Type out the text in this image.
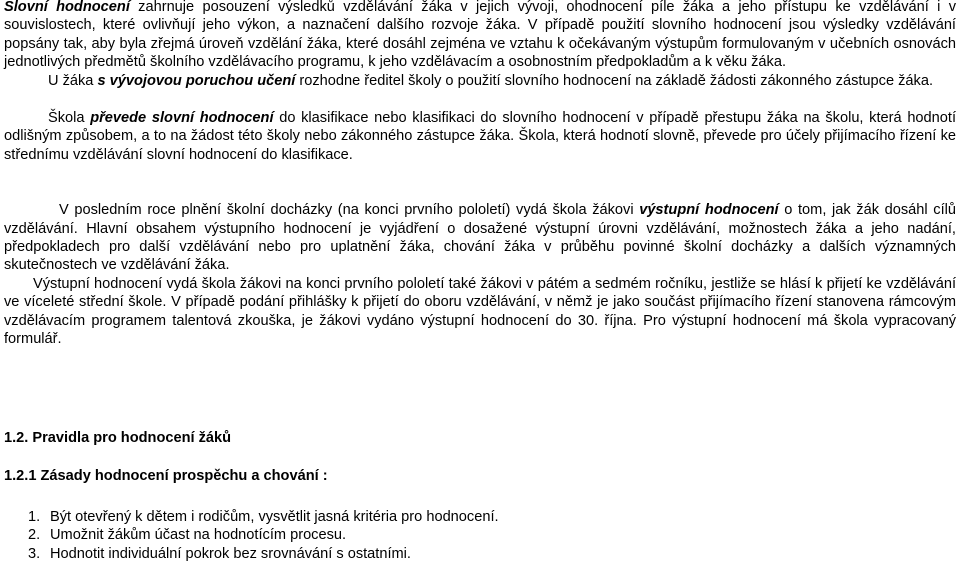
Slovní hodnocení zahrnuje posouzení výsledků vzdělávání žáka v jejich vývoji, ohodnocení píle žáka a jeho přístupu ke vzdělávání i v souvislostech, které ovlivňují jeho výkon, a naznačení dalšího rozvoje žáka. V případě použití slovního hodnocení jsou výsledky vzdělávání popsány tak, aby byla zřejmá úroveň vzdělání žáka, které dosáhl zejména ve vztahu k očekávaným výstupům formulovaným v učebních osnovách jednotlivých předmětů školního vzdělávacího programu, k jeho vzdělávacím a osobnostním předpokladům a k věku žáka.

U žáka s vývojovou poruchou učení rozhodne ředitel školy o použití slovního hodnocení na základě žádosti zákonného zástupce žáka.

Škola převede slovní hodnocení do klasifikace nebo klasifikaci do slovního hodnocení v případě přestupu žáka na školu, která hodnotí odlišným způsobem, a to na žádost této školy nebo zákonného zástupce žáka. Škola, která hodnotí slovně, převede pro účely přijímacího řízení ke střednímu vzdělávání slovní hodnocení do klasifikace.

V posledním roce plnění školní docházky (na konci prvního pololetí) vydá škola žákovi výstupní hodnocení o tom, jak žák dosáhl cílů vzdělávání. Hlavní obsahem výstupního hodnocení je vyjádření o dosažené výstupní úrovni vzdělávání, možnostech žáka a jeho nadání, předpokladech pro další vzdělávání nebo pro uplatnění žáka, chování žáka v průběhu povinné školní docházky a dalších významných skutečnostech ve vzdělávání žáka.

Výstupní hodnocení vydá škola žákovi na konci prvního pololetí také žákovi v pátém a sedmém ročníku, jestliže se hlásí k přijetí ke vzdělávání ve víceleté střední škole. V případě podání přihlášky k přijetí do oboru vzdělávání, v němž je jako součást přijímacího řízení stanovena rámcovým vzdělávacím programem talentová zkouška, je žákovi vydáno výstupní hodnocení do 30. října. Pro výstupní hodnocení má škola vypracovaný formulář.

1.2. Pravidla pro hodnocení žáků
1.2.1 Zásady hodnocení prospěchu a chování :
1. Být otevřený k dětem i rodičům, vysvětlit jasná kritéria pro hodnocení.
2. Umožnit žákům účast na hodnotícím procesu.
3. Hodnotit individuální pokrok bez srovnávání s ostatními.
